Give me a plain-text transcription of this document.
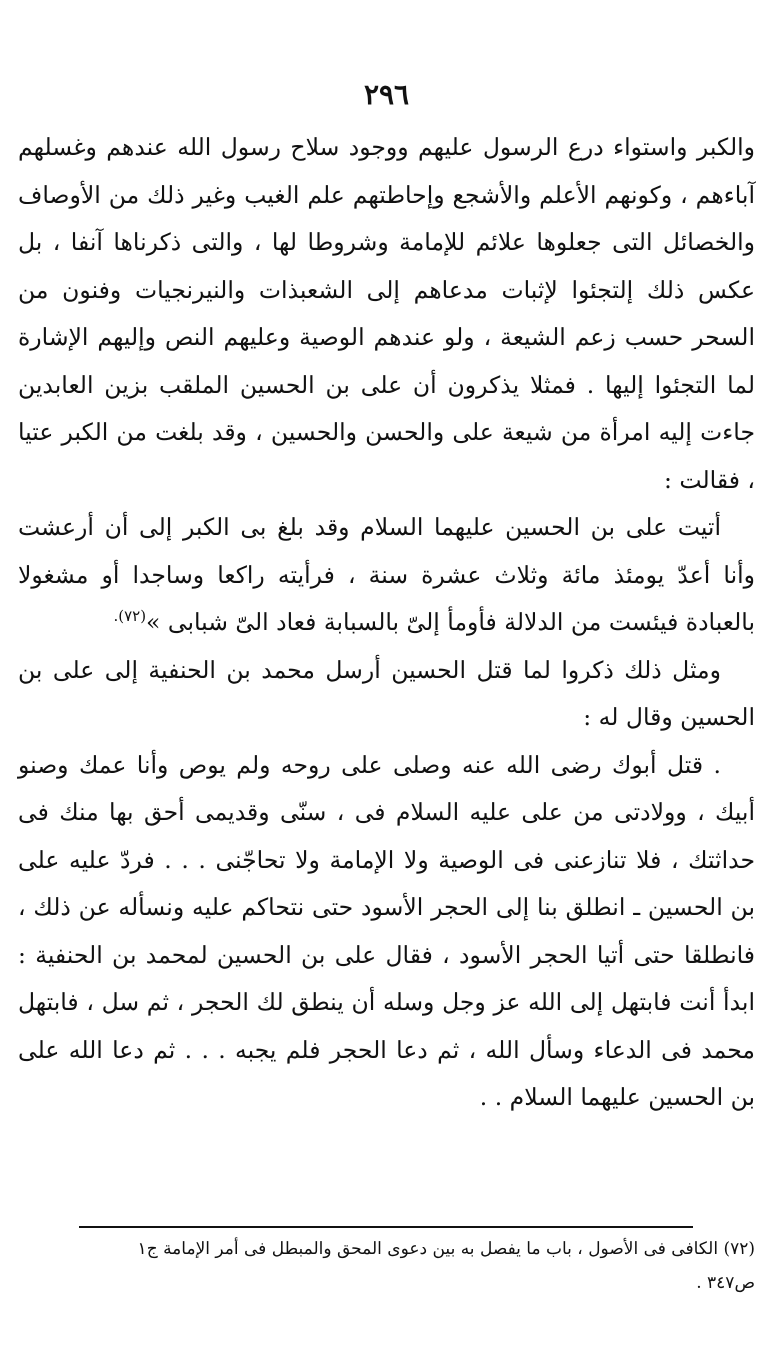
٢٩٦

والكبر واستواء درع الرسول عليهم ووجود سلاح رسول الله عندهم وغسلهم آباءهم ، وكونهم الأعلم والأشجع وإحاطتهم علم الغيب وغير ذلك من الأوصاف والخصائل التى جعلوها علائم للإمامة وشروطا لها ، والتى ذكرناها آنفا ، بل عكس ذلك إلتجئوا لإثبات مدعاهم إلى الشعبذات والنيرنجيات وفنون من السحر حسب زعم الشيعة ، ولو عندهم الوصية وعليهم النص وإليهم الإشارة لما التجئوا إليها . فمثلا يذكرون أن على بن الحسين الملقب بزين العابدين جاءت إليه امرأة من شيعة على والحسن والحسين ، وقد بلغت من الكبر عتيا ، فقالت :

أتيت على بن الحسين عليهما السلام وقد بلغ بى الكبر إلى أن أرعشت وأنا أعدّ يومئذ مائة وثلاث عشرة سنة ، فرأيته راكعا وساجدا أو مشغولا بالعبادة فيئست من الدلالة فأومأ إلىّ بالسبابة فعاد الىّ شبابى »$^{(٧٢).}$

ومثل ذلك ذكروا لما قتل الحسين أرسل محمد بن الحنفية إلى على بن الحسين وقال له :

. قتل أبوك رضى الله عنه وصلى على روحه ولم يوص وأنا عمك وصنو أبيك ، وولادتى من على عليه السلام فى ، سنّى وقديمى أحق بها منك فى حداثتك ، فلا تنازعنى فى الوصية ولا الإمامة ولا تحاجّنى . . . فردّ عليه على بن الحسين ـ انطلق بنا إلى الحجر الأسود حتى نتحاكم عليه ونسأله عن ذلك ، فانطلقا حتى أتيا الحجر الأسود ، فقال على بن الحسين لمحمد بن الحنفية : ابدأ أنت فابتهل إلى الله عز وجل وسله أن ينطق لك الحجر ، ثم سل ، فابتهل محمد فى الدعاء وسأل الله ، ثم دعا الحجر فلم يجبه . . . ثم دعا الله على بن الحسين عليهما السلام . .

(٧٢) الكافى فى الأصول ، باب ما يفصل به بين دعوى المحق والمبطل فى أمر الإمامة ج١
ص٣٤٧ .
